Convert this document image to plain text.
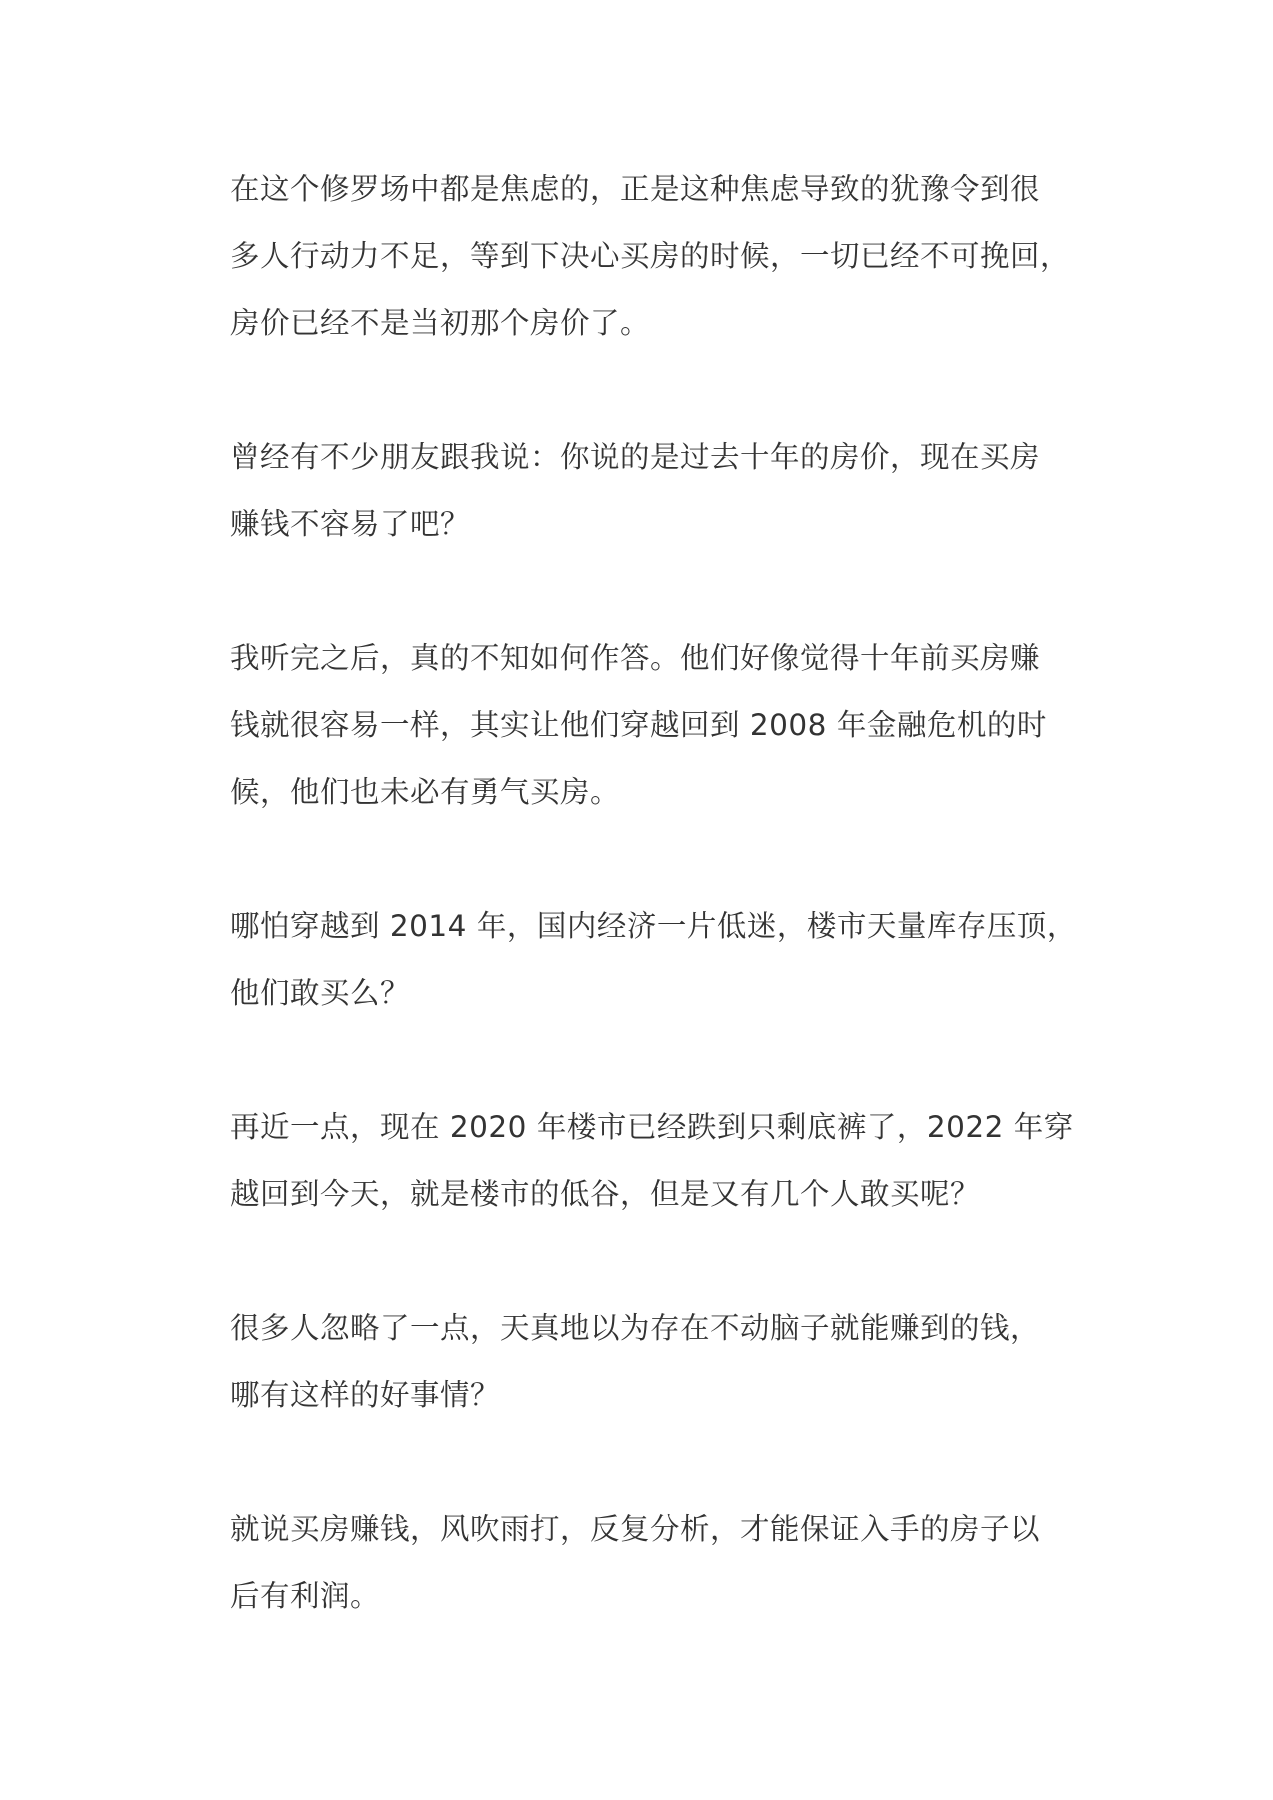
在这个修罗场中都是焦虑的，正是这种焦虑导致的犹豫令到很
多人行动力不足，等到下决心买房的时候，一切已经不可挽回，
房价已经不是当初那个房价了。

曾经有不少朋友跟我说：你说的是过去十年的房价，现在买房
赚钱不容易了吧？

我听完之后，真的不知如何作答。他们好像觉得十年前买房赚
钱就很容易一样，其实让他们穿越回到 2008 年金融危机的时
候，他们也未必有勇气买房。

哪怕穿越到 2014 年，国内经济一片低迷，楼市天量库存压顶，
他们敢买么？

再近一点，现在 2020 年楼市已经跌到只剩底裤了，2022 年穿
越回到今天，就是楼市的低谷，但是又有几个人敢买呢？

很多人忽略了一点，天真地以为存在不动脑子就能赚到的钱，
哪有这样的好事情？

就说买房赚钱，风吹雨打，反复分析，才能保证入手的房子以
后有利润。
